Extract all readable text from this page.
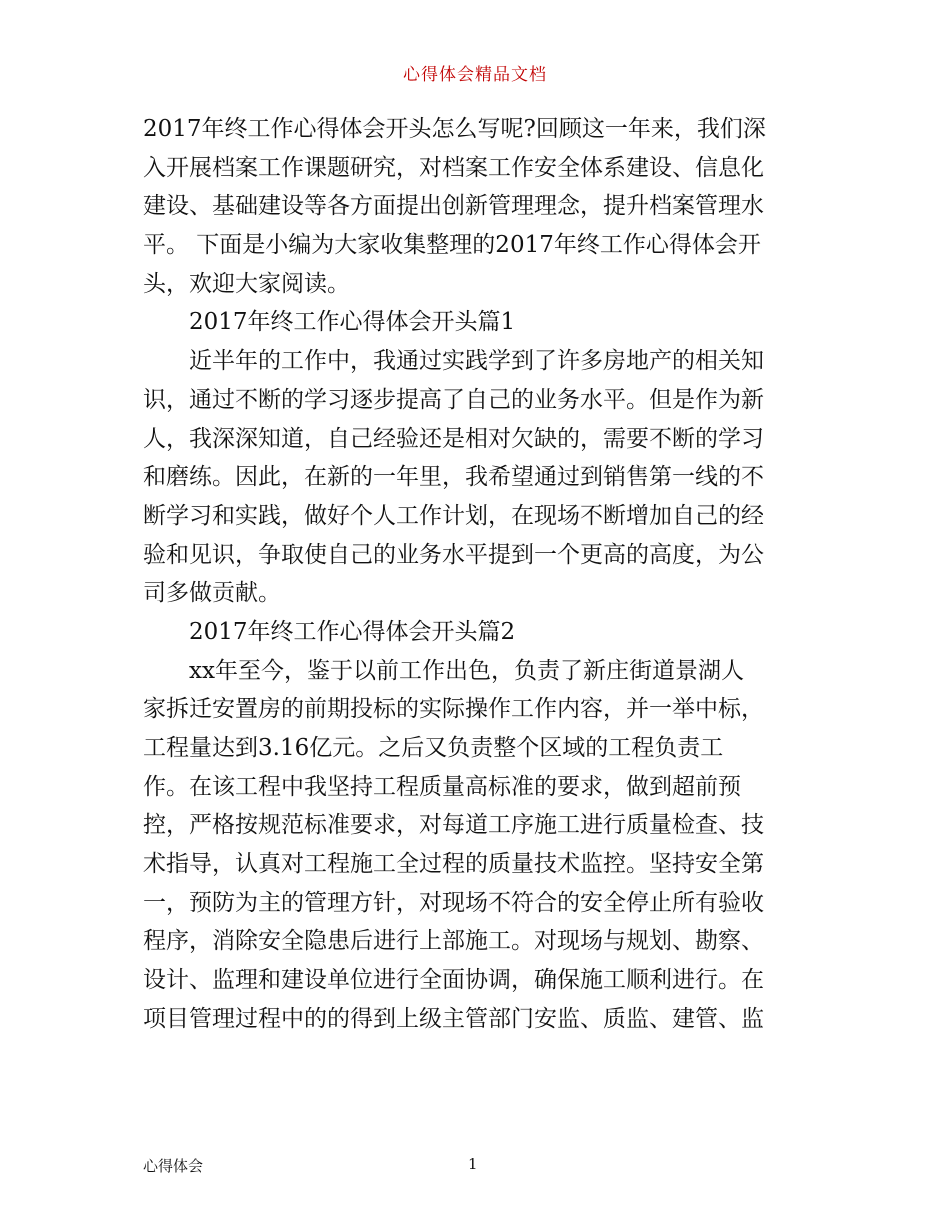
心得体会精品文档
2017年终工作心得体会开头怎么写呢?回顾这一年来，我们深
入开展档案工作课题研究，对档案工作安全体系建设、信息化
建设、基础建设等各方面提出创新管理理念，提升档案管理水
平。 下面是小编为大家收集整理的2017年终工作心得体会开
头，欢迎大家阅读。
2017年终工作心得体会开头篇1
近半年的工作中，我通过实践学到了许多房地产的相关知
识，通过不断的学习逐步提高了自己的业务水平。但是作为新
人，我深深知道，自己经验还是相对欠缺的，需要不断的学习
和磨练。因此，在新的一年里，我希望通过到销售第一线的不
断学习和实践，做好个人工作计划，在现场不断增加自己的经
验和见识，争取使自己的业务水平提到一个更高的高度，为公
司多做贡献。
2017年终工作心得体会开头篇2
xx年至今，鉴于以前工作出色，负责了新庄街道景湖人
家拆迁安置房的前期投标的实际操作工作内容，并一举中标，
工程量达到3.16亿元。之后又负责整个区域的工程负责工
作。在该工程中我坚持工程质量高标准的要求，做到超前预
控，严格按规范标准要求，对每道工序施工进行质量检查、技
术指导，认真对工程施工全过程的质量技术监控。坚持安全第
一，预防为主的管理方针，对现场不符合的安全停止所有验收
程序，消除安全隐患后进行上部施工。对现场与规划、勘察、
设计、监理和建设单位进行全面协调，确保施工顺利进行。在
项目管理过程中的的得到上级主管部门安监、质监、建管、监
心得体会	1
